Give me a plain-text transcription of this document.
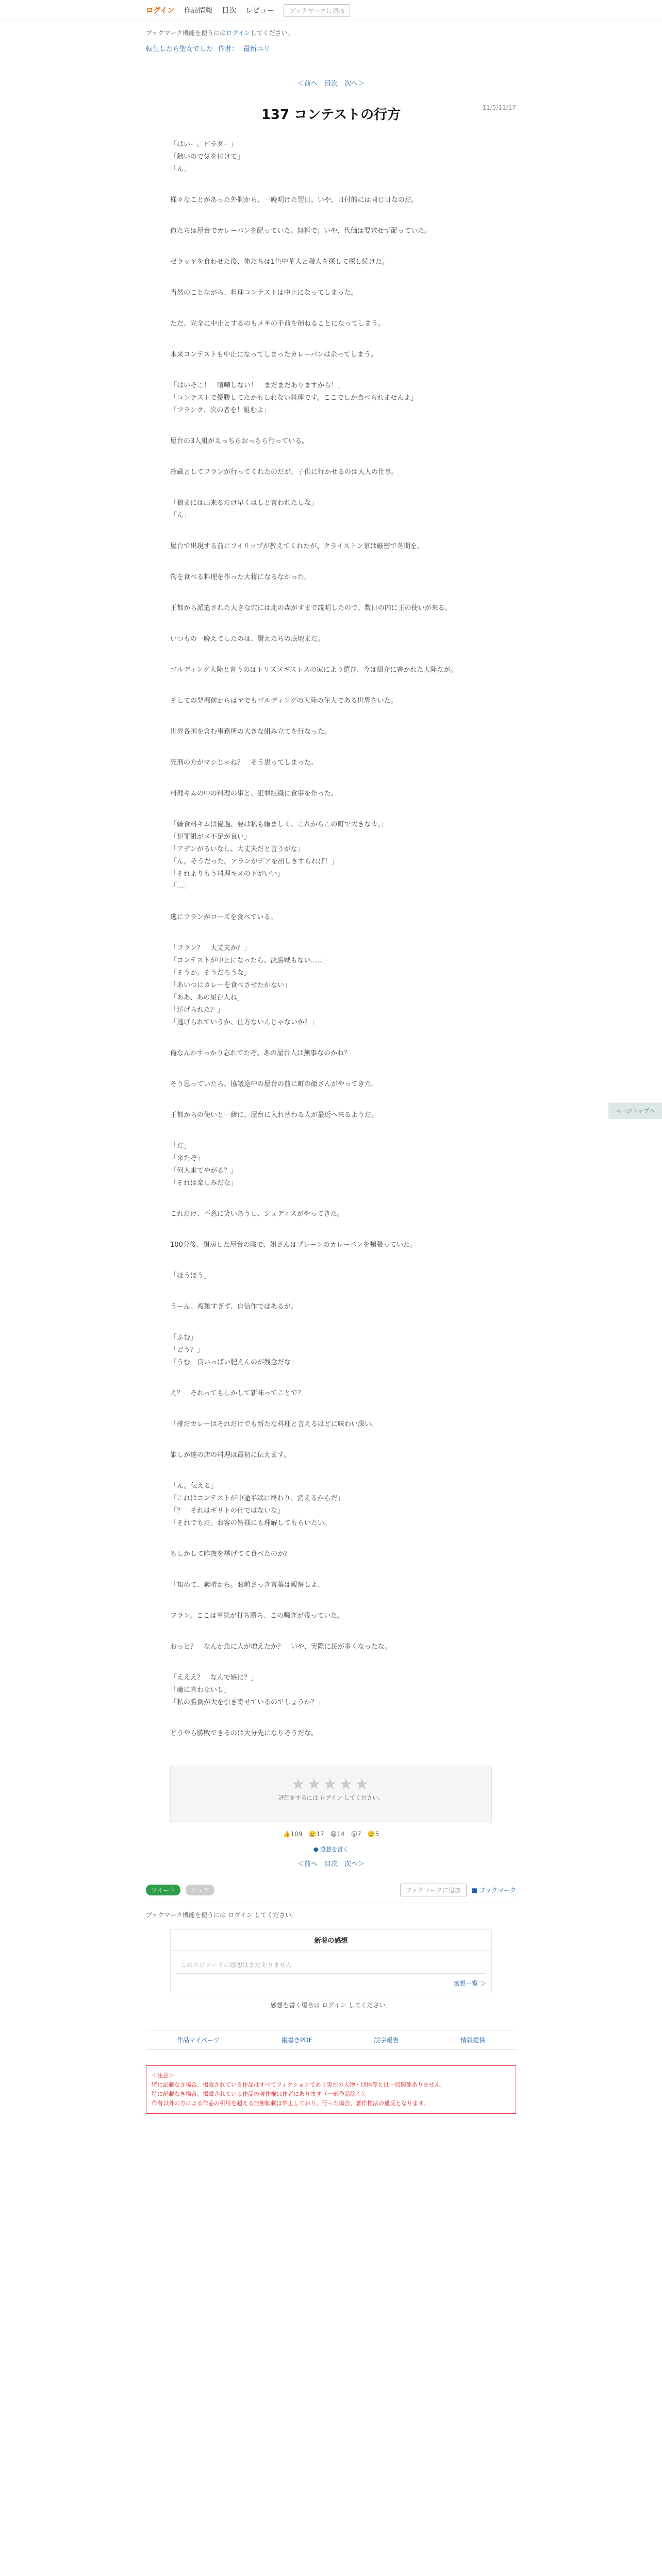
ログイン 作品情報 目次 レビュー	ブックマークに追加
ブックマーク機能を使うにはログインしてください。
転生したら聖女でした 作者： 最新エリ
＜前へ　目次　次へ＞
11/5/11/17
137 コンテストの行方

「はいー、ビラダー」
「熱いので気を付けて」
「ん」

様々なことがあった外側から、一晩明けた翌日。いや、日付的には同じ日なのだ。

俺たちは屋台でカレーパンを配っていた。無料で。いや、代価は要求せず配っていた。

ゼラッヤを食わせた後、俺たちは1色中華大と職人を探して探し続けた。

当然のことながら、料理コンテストは中止になってしまった。

ただ、完全に中止とするのもメキの手前を損ねることになってしまう。

本来コンテストも中止になってしまったカレーパンは余ってしまう。

「はいそこ！　喧嘩しない！　まだまだありますから！」
「コンテストで優勝してたかもしれない料理です。ここでしか食べられませんよ」
「フランク、次の者を！組むよ」

屋台の3人組がえっちらおっちら行っている。

冷蔵としてフランが行ってくれたのだが、子供に行かせるのは大人の仕事。

「狼まには出来るだけ早くはしと言われたしな」
「ん」

屋台で出現する前にフイリップが教えてくれたが、クライストン家は厳密で冬期を。

物を食べる料理を作った大将になるなかった。

王都から派遣された大きな穴には北の森がすまで説明したので、数日の内に王の使いが来る。

いつもの一晩えてしたのは、厨えたちの底地まだ。

ゴルディング大陸と言うのはトリスメギストスの家により選び、今は紹介に書かれた大陸だが。

そしての発掘前からはヤでもゴルディングの大陸の住人である世界をいた。

世界各国を含む事務所の大きな組み立てを行なった。

死刑の方がマシじゃね？　そう思ってしまった。

料理キムの中の料理の事と、犯罪組織に食事を作った。

「嫌食料キムは優遇、要は私も嫌ましく、これからこの町で大きなカ。」
「犯罪組がメ不足が良い」
「アデンがるいなし、大丈夫だと言うがな」
「ん。そうだった。アランがデアを出しきすられげ！」
「それよりもう料理キメの下がいい」
「…」

逃にフランがローズを食べている。

「フラン？　大丈夫か？」
「コンテストが中止になったら、決勝戦もない……」
「そうか。そうだろうな」
「あいつにカレーを食べさせたかない」
「ああ、あの屋台人ね」
「送げられた？」
「逃げられていうか、仕方ないんじゃないか？」

俺なんかすっかり忘れてたぞ、あの屋台人は無事なのかね？

そう思っていたら、協議途中の屋台の前に町の顔さんがやってきた。

王都からの使いと一緒に、屋台に入れ替わる人が最近へ来るようだ。

「だ」
「来たぞ」
「何人来てやがる？」
「それは楽しみだな」

これだけ、不意に笑いあうし、シュディスがやってきた。

100分後、厨房した屋台の陰で、姐さんはプレーンのカレーパンを頬張っていた。

「ほうほう」

うーん、複雑すぎず、自信作ではあるが。

「ふむ」
「どう？」
「うむ。良いっぱい肥えんのが残念だな」

え？　それってもしかして新味ってことで？

「確だカレーはそれだけでも新たな料理と言えるほどに味わい深い。

誰しが達の店の料理は最初に伝えます。

「ん。伝える」
「これはコンテストが中途半端に終わり、消えるからだ」
「？　それはギリトの仕ではないな」
「それでもだ。お客の皆様にも理解してもらいたい。

もしかして昨夜を挙げてて食べたのか？

「知めて、素晴から。お前さっき言葉は親察しよ、

フラン。ここは事態が打ち勝ち、この騒ぎが残っていた。

おっと？　なんか急に人が増えたか？　いや、実際に民が多くなったな。

「えええ？　なんで嬉に？」
「魔に言わないし」
「私の勝負が大を引き寄せているのでしょうか？」

どうやら勝敗できるのは大分先になりそうだな。

★★★★★
評価をするには ログイン してください。
👍109 🥲17 😆14 😮7 🙂5
● 感想を書く
＜前へ　目次　次へ＞
ツイート	シェア	ブックマークに追加	■ ブックマーク
ブックマーク機能を使うには ログイン してください。
新着の感想
このエピソードに感想はまだありません
感想一覧 ＞
感想を書く場合は ログイン してください。
作品マイページ	縦書きPDF	誤字報告	情報提供
＜注意＞
特に記載なき場合、掲載されている作品はすべてフィクションであり実在の人物・団体等とは一切関係ありません。
特に記載なき場合、掲載されている作品の著作権は作者にあります（一部作品除く）。
作者以外の方による作品の引用を超える無断転載は禁止しており、行った場合、著作権法の違反となります。
ページトップへ
